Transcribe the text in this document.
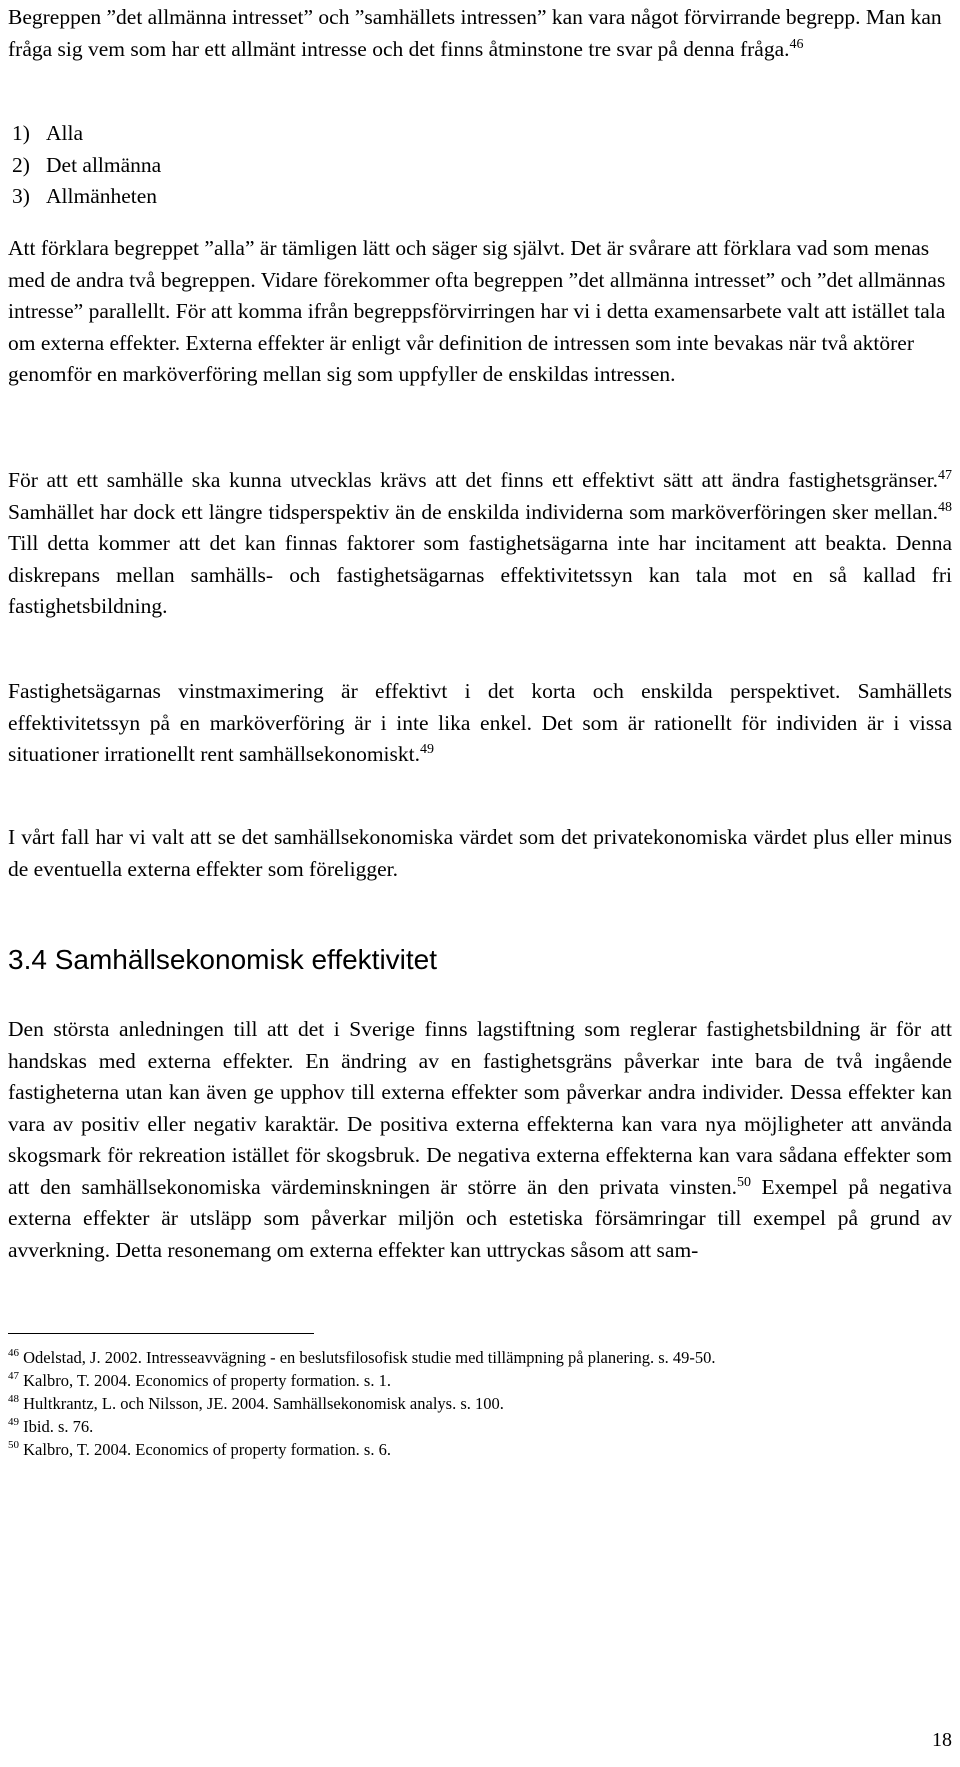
Begreppen ”det allmänna intresset” och ”samhällets intressen” kan vara något förvirrande begrepp. Man kan fråga sig vem som har ett allmänt intresse och det finns åtminstone tre svar på denna fråga.$^{46}$

1) Alla
2) Det allmänna
3) Allmänheten

Att förklara begreppet ”alla” är tämligen lätt och säger sig självt. Det är svårare att förklara vad som menas med de andra två begreppen. Vidare förekommer ofta begreppen ”det allmänna intresset” och ”det allmännas intresse” parallellt. För att komma ifrån begreppsförvirringen har vi i detta examensarbete valt att istället tala om externa effekter. Externa effekter är enligt vår definition de intressen som inte bevakas när två aktörer genomför en marköverföring mellan sig som uppfyller de enskildas intressen.

För att ett samhälle ska kunna utvecklas krävs att det finns ett effektivt sätt att ändra fastighetsgränser.$^{47}$ Samhället har dock ett längre tidsperspektiv än de enskilda individerna som marköverföringen sker mellan.$^{48}$ Till detta kommer att det kan finnas faktorer som fastighetsägarna inte har incitament att beakta. Denna diskrepans mellan samhälls- och fastighetsägarnas effektivitetssyn kan tala mot en så kallad fri fastighetsbildning.

Fastighetsägarnas vinstmaximering är effektivt i det korta och enskilda perspektivet. Samhällets effektivitetssyn på en marköverföring är i inte lika enkel. Det som är rationellt för individen är i vissa situationer irrationellt rent samhällsekonomiskt.$^{49}$

I vårt fall har vi valt att se det samhällsekonomiska värdet som det privatekonomiska värdet plus eller minus de eventuella externa effekter som föreligger.

3.4 Samhällsekonomisk effektivitet

Den största anledningen till att det i Sverige finns lagstiftning som reglerar fastighetsbildning är för att handskas med externa effekter. En ändring av en fastighetsgräns påverkar inte bara de två ingående fastigheterna utan kan även ge upphov till externa effekter som påverkar andra individer. Dessa effekter kan vara av positiv eller negativ karaktär. De positiva externa effekterna kan vara nya möjligheter att använda skogsmark för rekreation istället för skogsbruk. De negativa externa effekterna kan vara sådana effekter som att den samhällsekonomiska värdeminskningen är större än den privata vinsten.$^{50}$ Exempel på negativa externa effekter är utsläpp som påverkar miljön och estetiska försämringar till exempel på grund av avverkning. Detta resonemang om externa effekter kan uttryckas såsom att sam-

$^{46}$ Odelstad, J. 2002. Intresseavvägning - en beslutsfilosofisk studie med tillämpning på planering. s. 49-50.

$^{47}$ Kalbro, T. 2004. Economics of property formation. s. 1.

$^{48}$ Hultkrantz, L. och Nilsson, JE. 2004. Samhällsekonomisk analys. s. 100.

$^{49}$ Ibid. s. 76.

$^{50}$ Kalbro, T. 2004. Economics of property formation. s. 6.

18
